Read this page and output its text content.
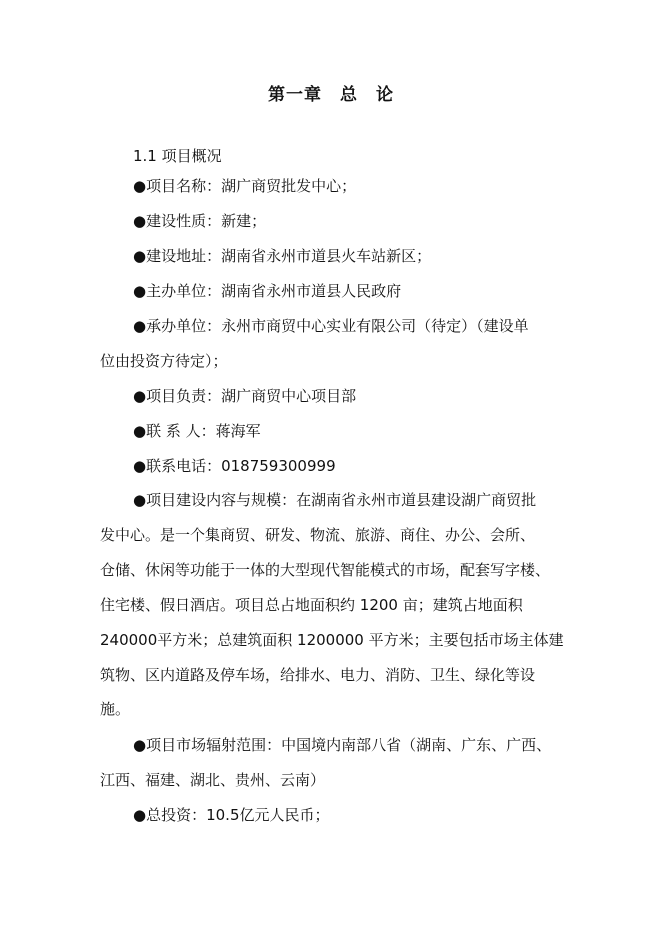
第一章　总　论
1.1 项目概况
●项目名称：湖广商贸批发中心；
●建设性质：新建；
●建设地址：湖南省永州市道县火车站新区；
●主办单位：湖南省永州市道县人民政府
●承办单位：永州市商贸中心实业有限公司（待定）（建设单
位由投资方待定）；
●项目负责：湖广商贸中心项目部
●联 系 人：蒋海军
●联系电话：018759300999
●项目建设内容与规模：在湖南省永州市道县建设湖广商贸批
发中心。是一个集商贸、研发、物流、旅游、商住、办公、会所、
仓储、休闲等功能于一体的大型现代智能模式的市场，配套写字楼、
住宅楼、假日酒店。项目总占地面积约 1200 亩；建筑占地面积
240000平方米；总建筑面积 1200000 平方米；主要包括市场主体建
筑物、区内道路及停车场，给排水、电力、消防、卫生、绿化等设
施。
●项目市场辐射范围：中国境内南部八省（湖南、广东、广西、
江西、福建、湖北、贵州、云南）
●总投资：10.5亿元人民币；
